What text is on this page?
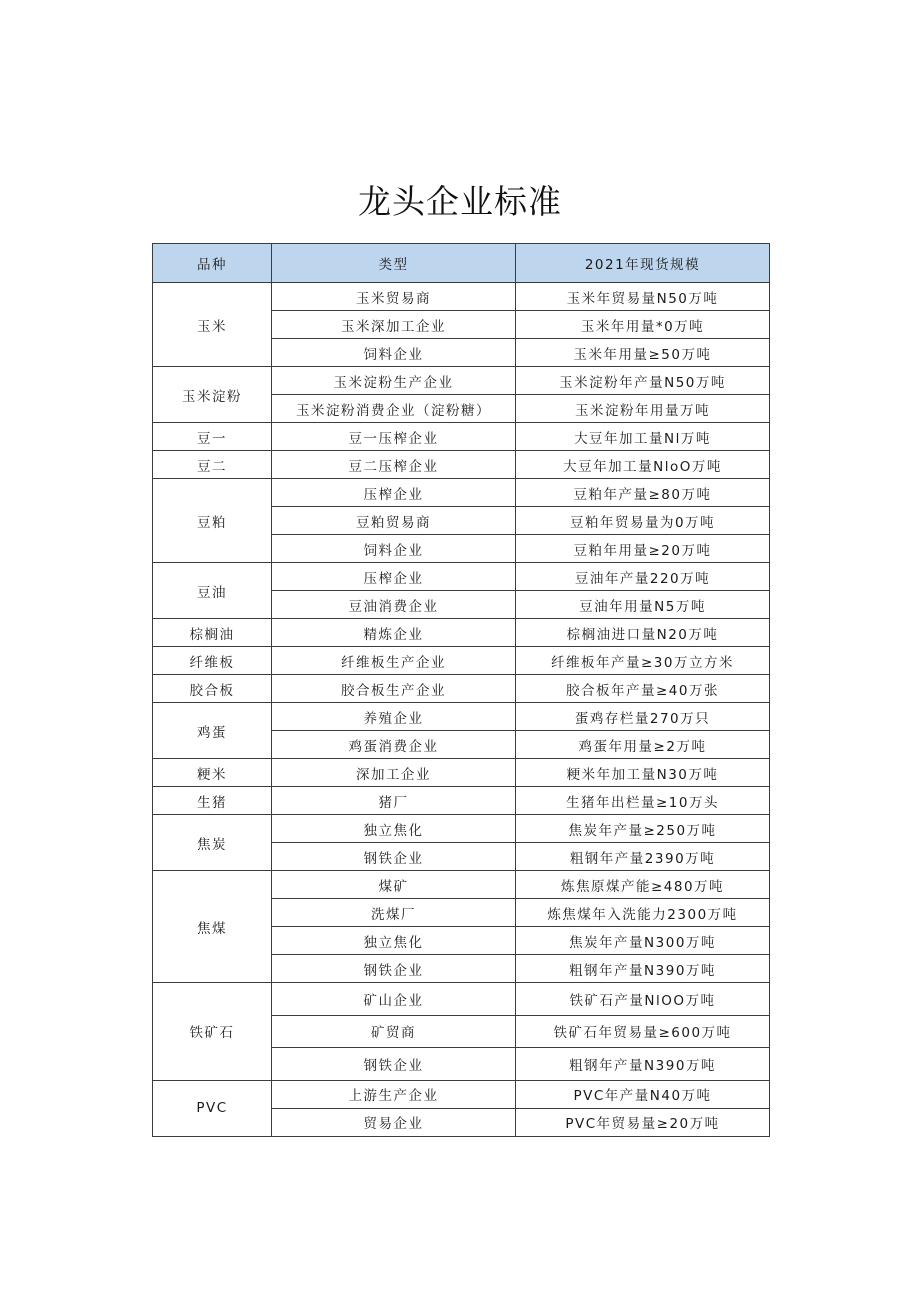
龙头企业标准
品种	类型	2021年现货规模
玉米	玉米贸易商	玉米年贸易量N50万吨
	玉米深加工企业	玉米年用量*0万吨
	饲料企业	玉米年用量≥50万吨
玉米淀粉	玉米淀粉生产企业	玉米淀粉年产量N50万吨
	玉米淀粉消费企业（淀粉糖）	玉米淀粉年用量万吨
豆一	豆一压榨企业	大豆年加工量Nl万吨
豆二	豆二压榨企业	大豆年加工量NloO万吨
豆粕	压榨企业	豆粕年产量≥80万吨
	豆粕贸易商	豆粕年贸易量为0万吨
	饲料企业	豆粕年用量≥20万吨
豆油	压榨企业	豆油年产量220万吨
	豆油消费企业	豆油年用量N5万吨
棕榈油	精炼企业	棕榈油进口量N20万吨
纤维板	纤维板生产企业	纤维板年产量≥30万立方米
胶合板	胶合板生产企业	胶合板年产量≥40万张
鸡蛋	养殖企业	蛋鸡存栏量270万只
	鸡蛋消费企业	鸡蛋年用量≥2万吨
粳米	深加工企业	粳米年加工量N30万吨
生猪	猪厂	生猪年出栏量≥10万头
焦炭	独立焦化	焦炭年产量≥250万吨
	钢铁企业	粗钢年产量2390万吨
焦煤	煤矿	炼焦原煤产能≥480万吨
	洗煤厂	炼焦煤年入洗能力2300万吨
	独立焦化	焦炭年产量N300万吨
	钢铁企业	粗钢年产量N390万吨
铁矿石	矿山企业	铁矿石产量NlOO万吨
	矿贸商	铁矿石年贸易量≥600万吨
	钢铁企业	粗钢年产量N390万吨
PVC	上游生产企业	PVC年产量N40万吨
	贸易企业	PVC年贸易量≥20万吨
